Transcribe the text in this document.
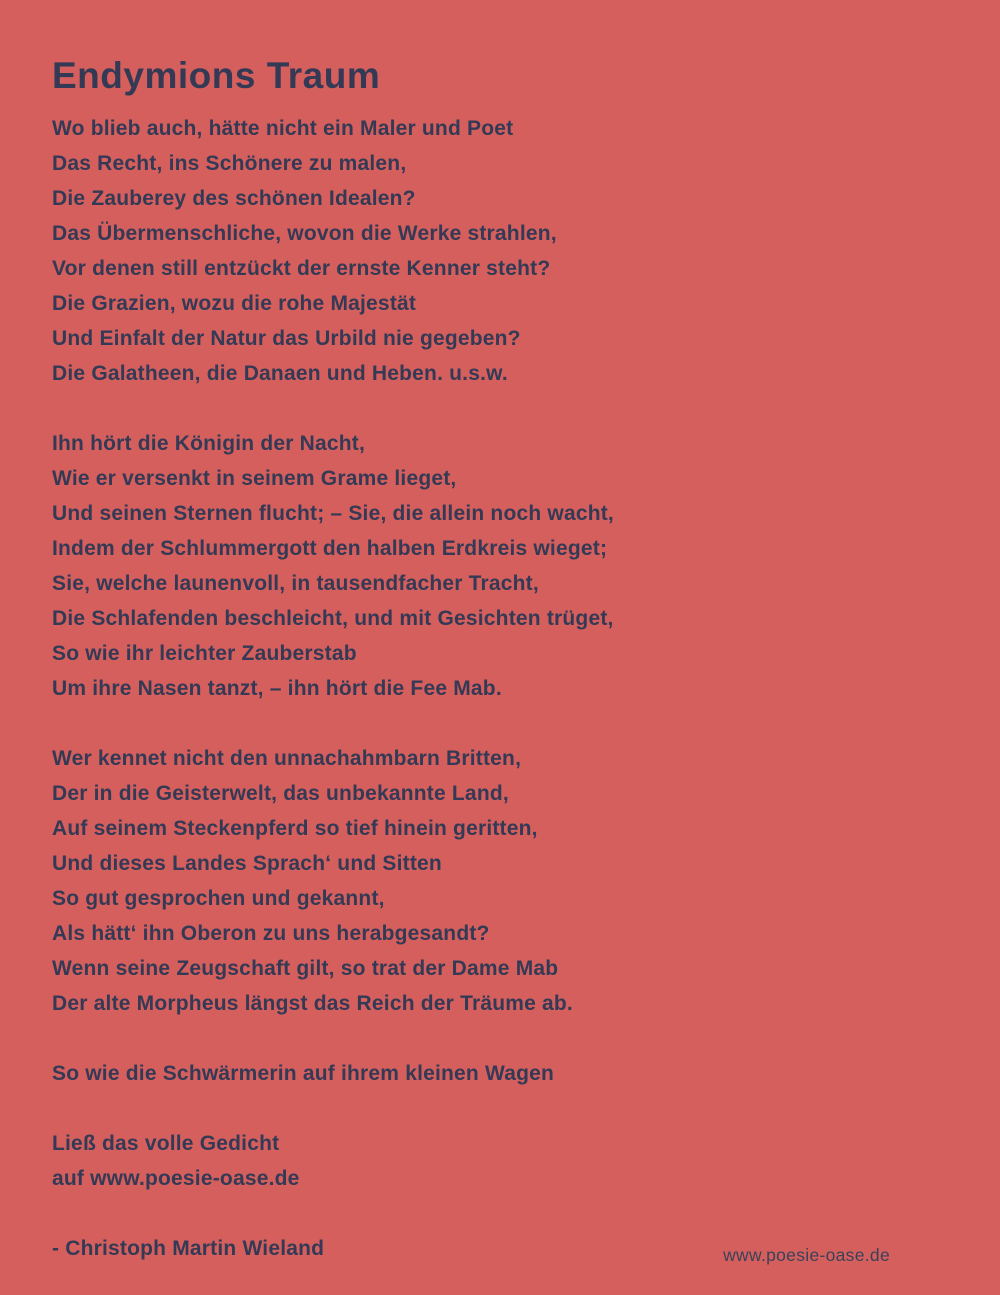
Endymions Traum
Wo blieb auch, hätte nicht ein Maler und Poet
Das Recht, ins Schönere zu malen,
Die Zauberey des schönen Idealen?
Das Übermenschliche, wovon die Werke strahlen,
Vor denen still entzückt der ernste Kenner steht?
Die Grazien, wozu die rohe Majestät
Und Einfalt der Natur das Urbild nie gegeben?
Die Galatheen, die Danaen und Heben. u.s.w.
Ihn hört die Königin der Nacht,
Wie er versenkt in seinem Grame lieget,
Und seinen Sternen flucht; – Sie, die allein noch wacht,
Indem der Schlummergott den halben Erdkreis wieget;
Sie, welche launenvoll, in tausendfacher Tracht,
Die Schlafenden beschleicht, und mit Gesichten trüget,
So wie ihr leichter Zauberstab
Um ihre Nasen tanzt, – ihn hört die Fee Mab.
Wer kennet nicht den unnachahmbarn Britten,
Der in die Geisterwelt, das unbekannte Land,
Auf seinem Steckenpferd so tief hinein geritten,
Und dieses Landes Sprach‘ und Sitten
So gut gesprochen und gekannt,
Als hätt‘ ihn Oberon zu uns herabgesandt?
Wenn seine Zeugschaft gilt, so trat der Dame Mab
Der alte Morpheus längst das Reich der Träume ab.
So wie die Schwärmerin auf ihrem kleinen Wagen
Ließ das volle Gedicht
auf www.poesie-oase.de
- Christoph Martin Wieland	www.poesie-oase.de
